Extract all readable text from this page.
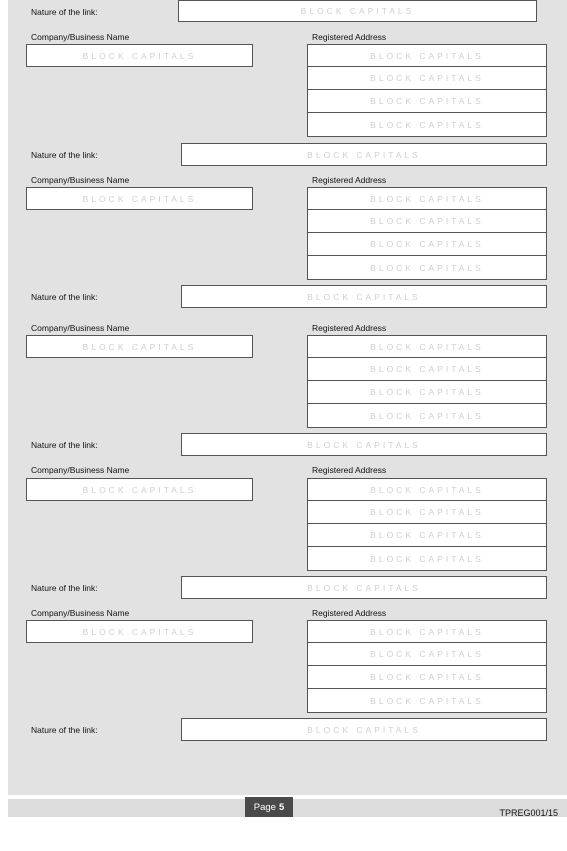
Nature of the link:	BLOCK CAPITALS
Company/Business Name	Registered Address
BLOCK CAPITALS	BLOCK CAPITALS
BLOCK CAPITALS
BLOCK CAPITALS
BLOCK CAPITALS
Nature of the link:	BLOCK CAPITALS
Company/Business Name	Registered Address
BLOCK CAPITALS	BLOCK CAPITALS
BLOCK CAPITALS
BLOCK CAPITALS
BLOCK CAPITALS
Nature of the link:	BLOCK CAPITALS
Company/Business Name	Registered Address
BLOCK CAPITALS	BLOCK CAPITALS
BLOCK CAPITALS
BLOCK CAPITALS
BLOCK CAPITALS
Nature of the link:	BLOCK CAPITALS
Company/Business Name	Registered Address
BLOCK CAPITALS	BLOCK CAPITALS
BLOCK CAPITALS
BLOCK CAPITALS
BLOCK CAPITALS
Nature of the link:	BLOCK CAPITALS
Company/Business Name	Registered Address
BLOCK CAPITALS	BLOCK CAPITALS
BLOCK CAPITALS
BLOCK CAPITALS
BLOCK CAPITALS
Nature of the link:	BLOCK CAPITALS
Page 5
TPREG001/15
